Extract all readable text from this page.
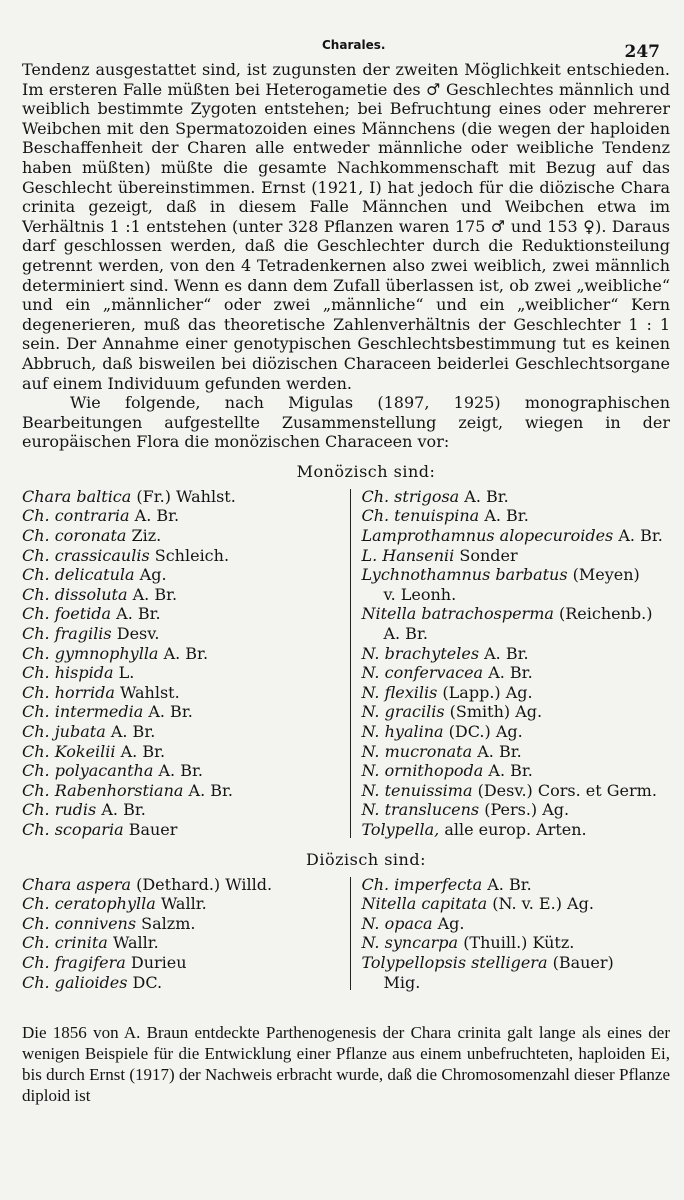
Charales.	247

Tendenz ausgestattet sind, ist zugunsten der zweiten Möglichkeit entschieden. Im ersteren Falle müßten bei Heterogametie des ♂ Geschlechtes männlich und weiblich bestimmte Zygoten entstehen; bei Befruchtung eines oder mehrerer Weibchen mit den Spermatozoiden eines Männchens (die wegen der haploiden Beschaffenheit der Charen alle entweder männliche oder weibliche Tendenz haben müßten) müßte die gesamte Nachkommenschaft mit Bezug auf das Geschlecht übereinstimmen. Ernst (1921, I) hat jedoch für die diözische Chara crinita gezeigt, daß in diesem Falle Männchen und Weibchen etwa im Verhältnis 1 :1 entstehen (unter 328 Pflanzen waren 175 ♂ und 153 ♀). Daraus darf geschlossen werden, daß die Geschlechter durch die Reduktionsteilung getrennt werden, von den 4 Tetradenkernen also zwei weiblich, zwei männlich determiniert sind. Wenn es dann dem Zufall überlassen ist, ob zwei „weibliche“ und ein „männlicher“ oder zwei „männliche“ und ein „weiblicher“ Kern degenerieren, muß das theoretische Zahlenverhältnis der Geschlechter 1 : 1 sein. Der Annahme einer genotypischen Geschlechtsbestimmung tut es keinen Abbruch, daß bisweilen bei diözischen Characeen beiderlei Geschlechtsorgane auf einem Individuum gefunden werden.

Wie folgende, nach Migulas (1897, 1925) monographischen Bearbeitungen aufgestellte Zusammenstellung zeigt, wiegen in der europäischen Flora die monözischen Characeen vor:

Monözisch sind:
Chara baltica (Fr.) Wahlst.
Ch. contraria A. Br.
Ch. coronata Ziz.
Ch. crassicaulis Schleich.
Ch. delicatula Ag.
Ch. dissoluta A. Br.
Ch. foetida A. Br.
Ch. fragilis Desv.
Ch. gymnophylla A. Br.
Ch. hispida L.
Ch. horrida Wahlst.
Ch. intermedia A. Br.
Ch. jubata A. Br.
Ch. Kokeilii A. Br.
Ch. polyacantha A. Br.
Ch. Rabenhorstiana A. Br.
Ch. rudis A. Br.
Ch. scoparia Bauer
Ch. strigosa A. Br.
Ch. tenuispina A. Br.
Lamprothamnus alopecuroides A. Br.
L. Hansenii Sonder
Lychnothamnus barbatus (Meyen)
v. Leonh.
Nitella batrachosperma (Reichenb.)
A. Br.
N. brachyteles A. Br.
N. confervacea A. Br.
N. flexilis (Lapp.) Ag.
N. gracilis (Smith) Ag.
N. hyalina (DC.) Ag.
N. mucronata A. Br.
N. ornithopoda A. Br.
N. tenuissima (Desv.) Cors. et Germ.
N. translucens (Pers.) Ag.
Tolypella, alle europ. Arten.
Diözisch sind:
Chara aspera (Dethard.) Willd.
Ch. ceratophylla Wallr.
Ch. connivens Salzm.
Ch. crinita Wallr.
Ch. fragifera Durieu
Ch. galioides DC.
Ch. imperfecta A. Br.
Nitella capitata (N. v. E.) Ag.
N. opaca Ag.
N. syncarpa (Thuill.) Kütz.
Tolypellopsis stelligera (Bauer)
Mig.

Die 1856 von A. Braun entdeckte Parthenogenesis der Chara crinita galt lange als eines der wenigen Beispiele für die Entwicklung einer Pflanze aus einem unbefruchteten, haploiden Ei, bis durch Ernst (1917) der Nachweis erbracht wurde, daß die Chromosomenzahl dieser Pflanze diploid ist
